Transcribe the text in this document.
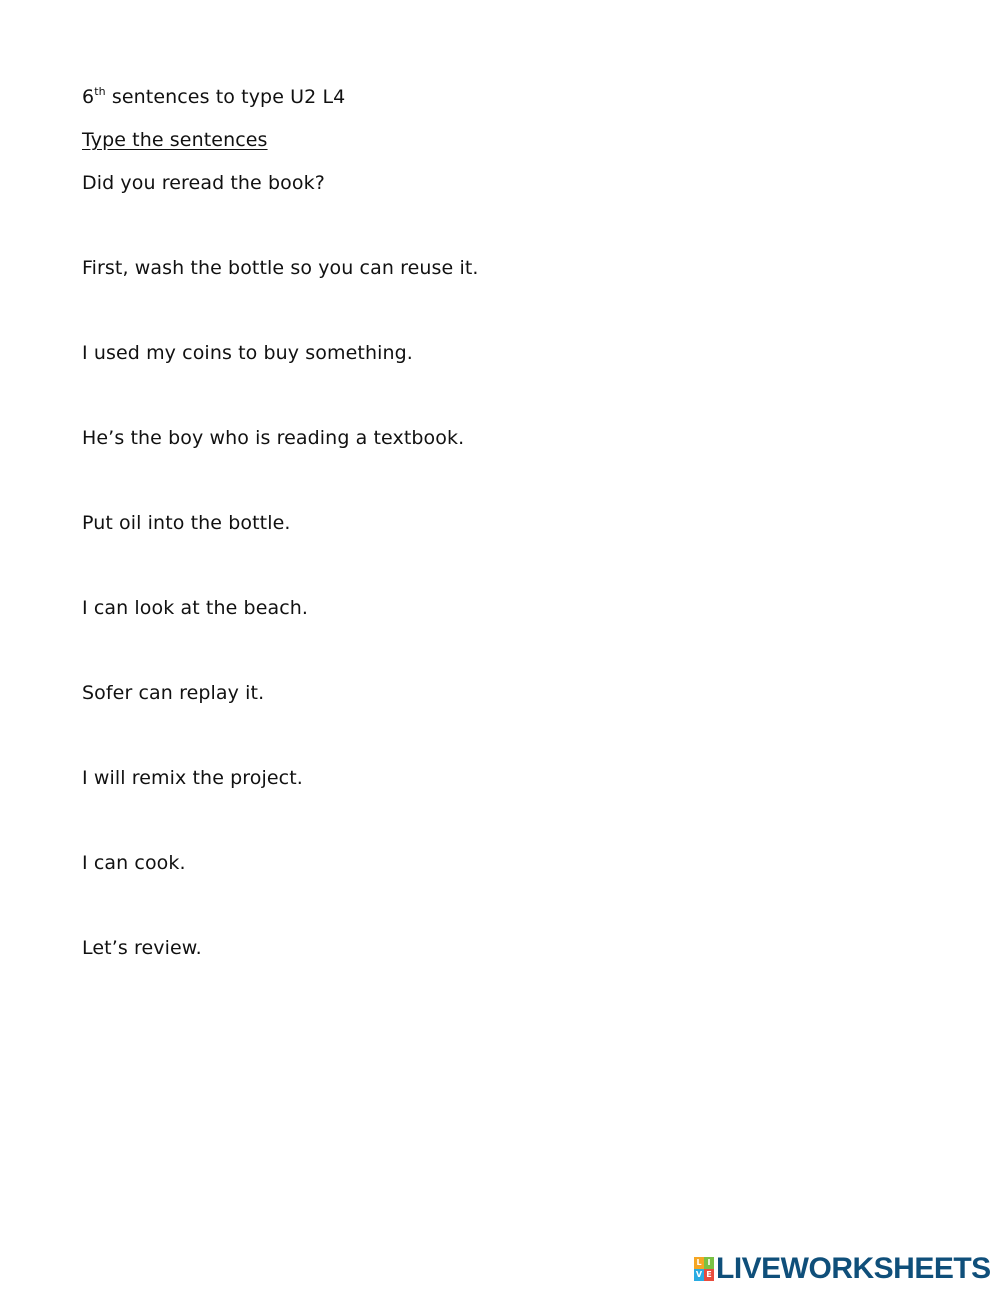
6th sentences to type U2 L4
Type the sentences
Did you reread the book?
First, wash the bottle so you can reuse it.
I used my coins to buy something.
He’s the boy who is reading a textbook.
Put oil into the bottle.
I can look at the beach.
Sofer can replay it.
I will remix the project.
I can cook.
Let’s review.
L I
V E LIVEWORKSHEETS
